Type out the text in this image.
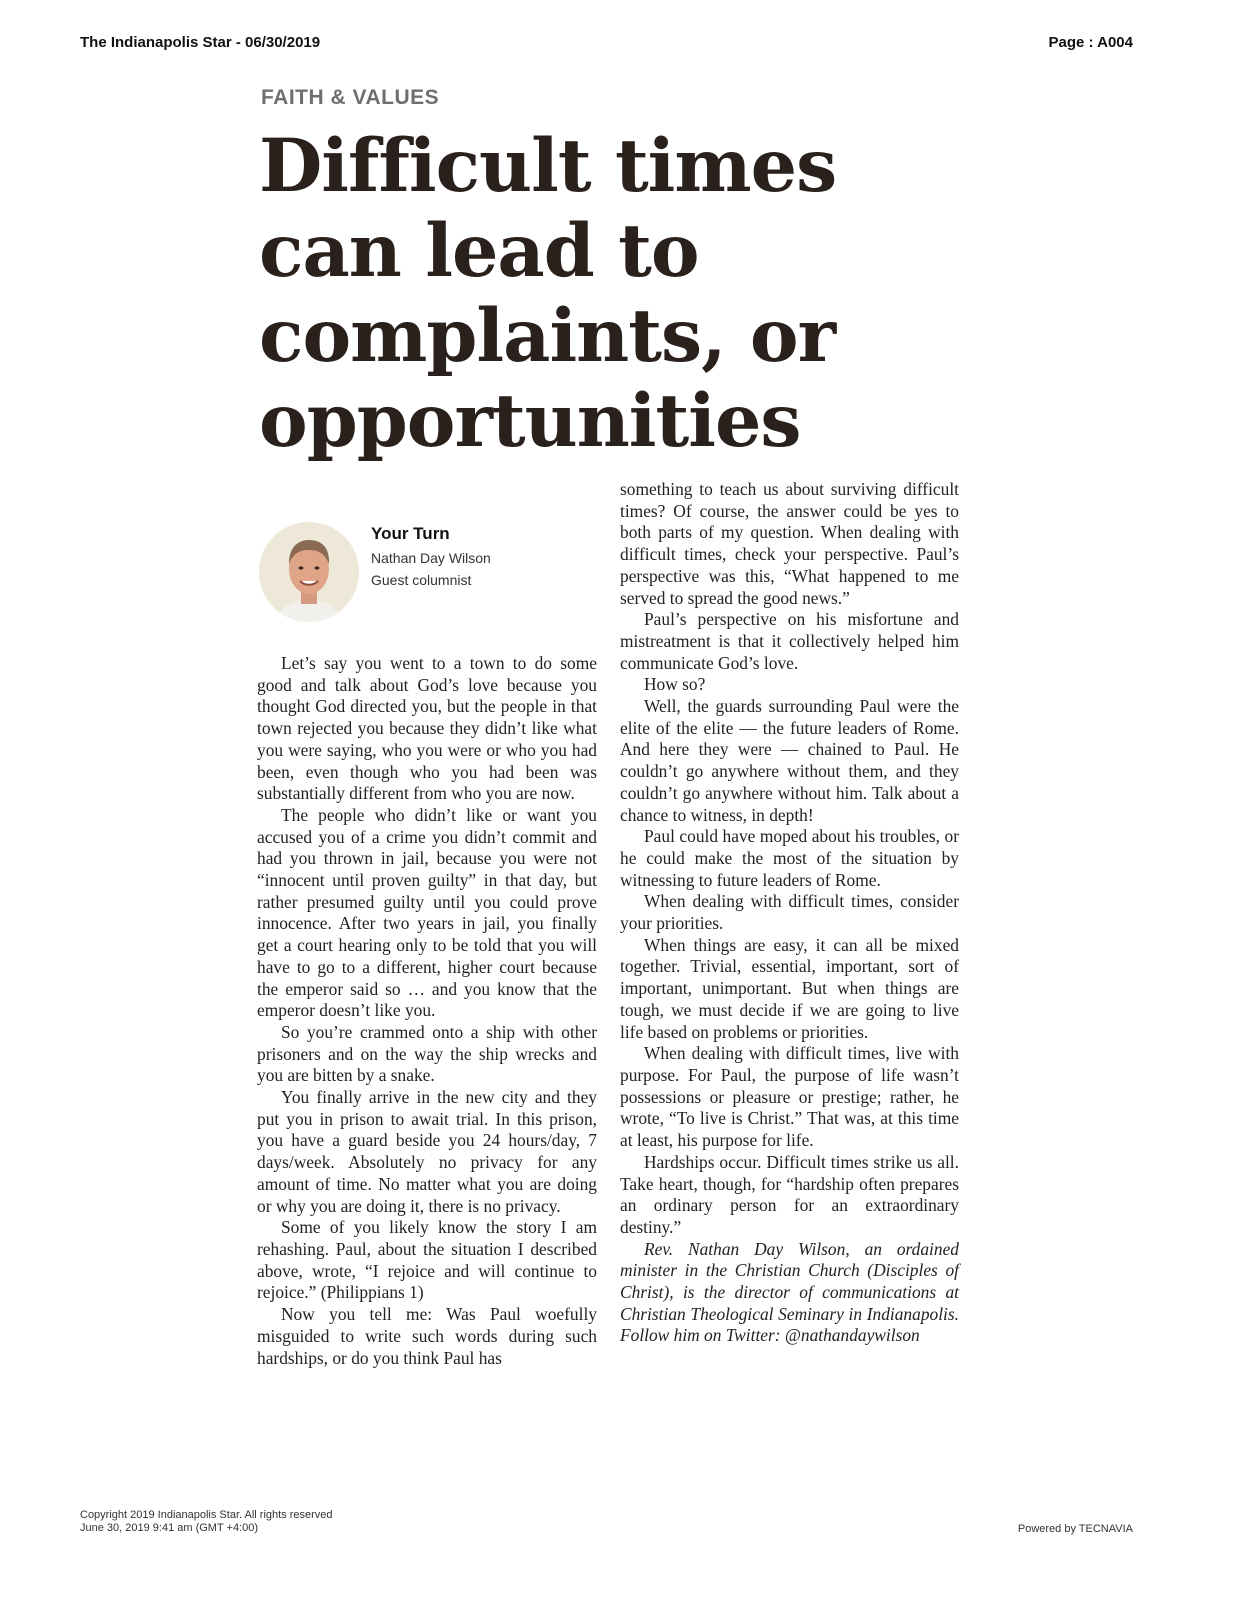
The Indianapolis Star - 06/30/2019	Page : A004
FAITH & VALUES
Difficult times
can lead to
complaints, or
opportunities
Your Turn
Nathan Day Wilson
Guest columnist

Let’s say you went to a town to do some good and talk about God’s love because you thought God directed you, but the people in that town rejected you because they didn’t like what you were saying, who you were or who you had been, even though who you had been was substantially different from who you are now.

The people who didn’t like or want you accused you of a crime you didn’t commit and had you thrown in jail, because you were not “innocent until proven guilty” in that day, but rather presumed guilty until you could prove innocence. After two years in jail, you finally get a court hearing only to be told that you will have to go to a different, higher court because the emperor said so … and you know that the emperor doesn’t like you.

So you’re crammed onto a ship with other prisoners and on the way the ship wrecks and you are bitten by a snake.

You finally arrive in the new city and they put you in prison to await trial. In this prison, you have a guard beside you 24 hours/day, 7 days/week. Absolutely no privacy for any amount of time. No matter what you are doing or why you are doing it, there is no privacy.

Some of you likely know the story I am rehashing. Paul, about the situation I described above, wrote, “I rejoice and will continue to rejoice.” (Philippians 1)

Now you tell me: Was Paul woefully misguided to write such words during such hardships, or do you think Paul has

something to teach us about surviving difficult times? Of course, the answer could be yes to both parts of my question. When dealing with difficult times, check your perspective. Paul’s perspective was this, “What happened to me served to spread the good news.”

Paul’s perspective on his misfortune and mistreatment is that it collectively helped him communicate God’s love.

How so?

Well, the guards surrounding Paul were the elite of the elite — the future leaders of Rome. And here they were — chained to Paul. He couldn’t go anywhere without them, and they couldn’t go anywhere without him. Talk about a chance to witness, in depth!

Paul could have moped about his troubles, or he could make the most of the situation by witnessing to future leaders of Rome.

When dealing with difficult times, consider your priorities.

When things are easy, it can all be mixed together. Trivial, essential, important, sort of important, unimportant. But when things are tough, we must decide if we are going to live life based on problems or priorities.

When dealing with difficult times, live with purpose. For Paul, the purpose of life wasn’t possessions or pleasure or prestige; rather, he wrote, “To live is Christ.” That was, at this time at least, his purpose for life.

Hardships occur. Difficult times strike us all. Take heart, though, for “hardship often prepares an ordinary person for an extraordinary destiny.”

Rev. Nathan Day Wilson, an ordained minister in the Christian Church (Disciples of Christ), is the director of communications at Christian Theological Seminary in Indianapolis. Follow him on Twitter: @nathandaywilson

Copyright 2019 Indianapolis Star. All rights reserved
June 30, 2019 9:41 am (GMT +4:00)	Powered by TECNAVIA
